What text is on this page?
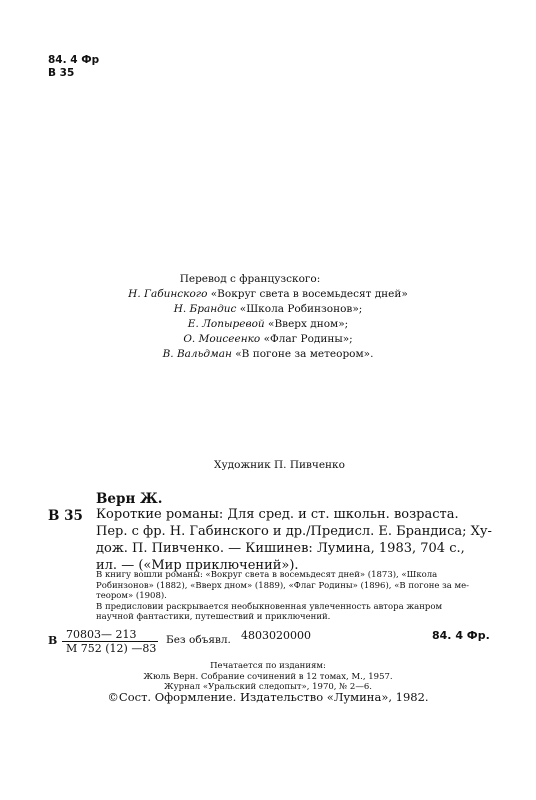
84. 4 Фр
В 35
Перевод с французского:
Н. Габинского «Вокруг света в восемьдесят дней»
Н. Брандис «Школа Робинзонов»;
Е. Лопыревой «Вверх дном»;
О. Моисеенко «Флаг Родины»;
В. Вальдман «В погоне за метеором».
Художник П. Пивченко
Верн Ж.
В 35 Короткие романы: Для сред. и ст. школьн. возраста.
Пер. с фр. Н. Габинского и др./Предисл. Е. Брандиса; Ху-
дож. П. Пивченко. — Кишинев: Лумина, 1983, 704 с.,
ил. — («Мир приключений»).
В книгу вошли романы: «Вокруг света в восемьдесят дней» (1873), «Школа
Робинзонов» (1882), «Вверх дном» (1889), «Флаг Родины» (1896), «В погоне за ме-
теором» (1908).
В предисловии раскрывается необыкновенная увлеченность автора жанром
научной фантастики, путешествий и приключений.
В 70803— 213
М 752 (12) —83
Без объявл. 4803020000	84. 4 Фр.
Печатается по изданиям:
Жюль Верн. Собрание сочинений в 12 томах, М., 1957.
Журнал «Уральский следопыт», 1970, № 2—6.
©Сост. Оформление. Издательство «Лумина», 1982.
